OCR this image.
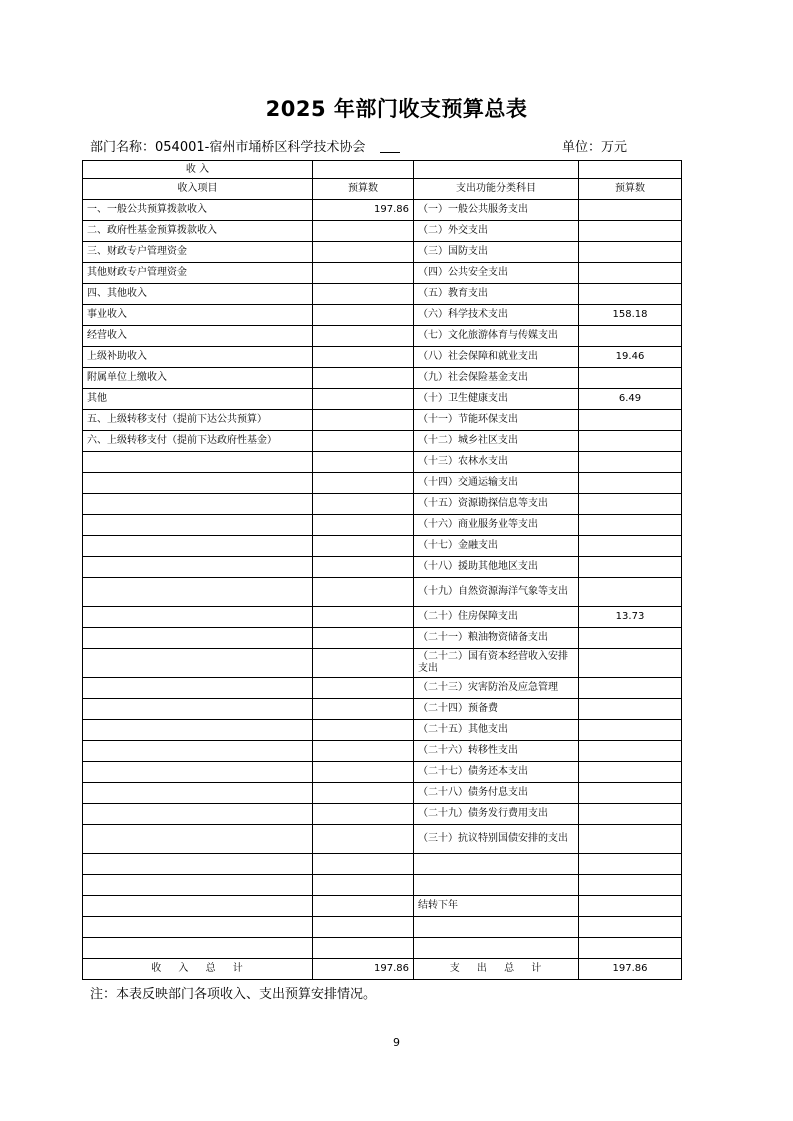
2025 年部门收支预算总表
部门名称：054001-宿州市埇桥区科学技术协会	单位：万元
收 入			
收入项目	预算数	支出功能分类科目	预算数
一、一般公共预算拨款收入	197.86	（一）一般公共服务支出	
二、政府性基金预算拨款收入		（二）外交支出	
三、财政专户管理资金		（三）国防支出	
其他财政专户管理资金		（四）公共安全支出	
四、其他收入		（五）教育支出	
事业收入		（六）科学技术支出	158.18
经营收入		（七）文化旅游体育与传媒支出	
上级补助收入		（八）社会保障和就业支出	19.46
附属单位上缴收入		（九）社会保险基金支出	
其他		（十）卫生健康支出	6.49
五、上级转移支付（提前下达公共预算）		（十一）节能环保支出	
六、上级转移支付（提前下达政府性基金）		（十二）城乡社区支出	
		（十三）农林水支出	
		（十四）交通运输支出	
		（十五）资源勘探信息等支出	
		（十六）商业服务业等支出	
		（十七）金融支出	
		（十八）援助其他地区支出	
		（十九）自然资源海洋气象等支出	
		（二十）住房保障支出	13.73
		（二十一）粮油物资储备支出	
		（二十二）国有资本经营收入安排支出	
		（二十三）灾害防治及应急管理	
		（二十四）预备费	
		（二十五）其他支出	
		（二十六）转移性支出	
		（二十七）债务还本支出	
		（二十八）债务付息支出	
		（二十九）债务发行费用支出	
		（三十）抗议特别国债安排的支出	

		结转下年	

收 入 总 计	197.86	支 出 总 计	197.86
注：本表反映部门各项收入、支出预算安排情况。
9
